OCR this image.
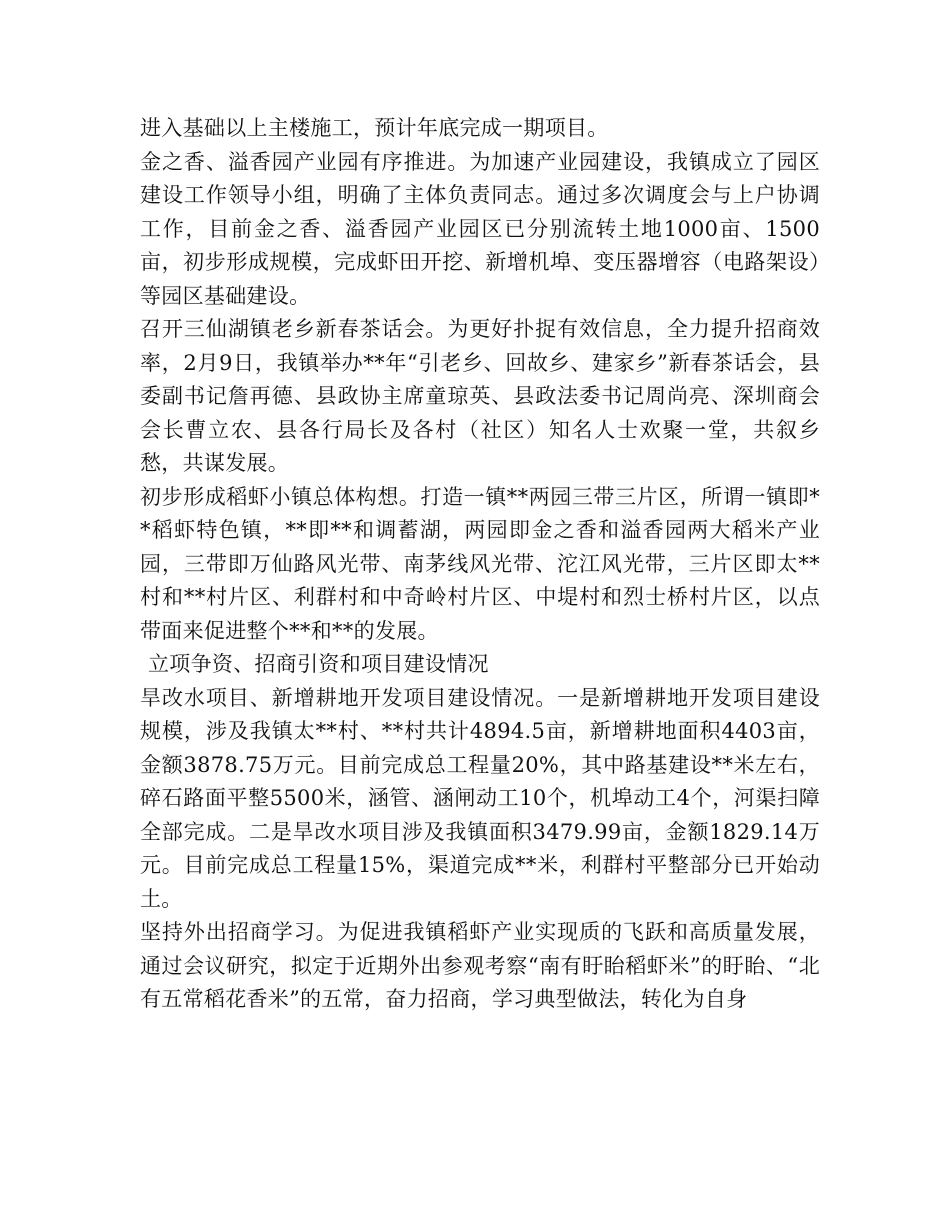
进入基础以上主楼施工，预计年底完成一期项目。

金之香、溢香园产业园有序推进。为加速产业园建设，我镇成立了园区建设工作领导小组，明确了主体负责同志。通过多次调度会与上户协调工作，目前金之香、溢香园产业园区已分别流转土地1000亩、1500亩，初步形成规模，完成虾田开挖、新增机埠、变压器增容（电路架设）等园区基础建设。

召开三仙湖镇老乡新春茶话会。为更好扑捉有效信息，全力提升招商效率，2月9日，我镇举办**年“引老乡、回故乡、建家乡”新春茶话会，县委副书记詹再德、县政协主席童琼英、县政法委书记周尚亮、深圳商会会长曹立农、县各行局长及各村（社区）知名人士欢聚一堂，共叙乡愁，共谋发展。

初步形成稻虾小镇总体构想。打造一镇**两园三带三片区，所谓一镇即**稻虾特色镇，**即**和调蓄湖，两园即金之香和溢香园两大稻米产业园，三带即万仙路风光带、南茅线风光带、沱江风光带，三片区即太**村和**村片区、利群村和中奇岭村片区、中堤村和烈士桥村片区，以点带面来促进整个**和**的发展。

立项争资、招商引资和项目建设情况

旱改水项目、新增耕地开发项目建设情况。一是新增耕地开发项目建设规模，涉及我镇太**村、**村共计4894.5亩，新增耕地面积4403亩，金额3878.75万元。目前完成总工程量20%，其中路基建设**米左右，碎石路面平整5500米，涵管、涵闸动工10个，机埠动工4个，河渠扫障全部完成。二是旱改水项目涉及我镇面积3479.99亩，金额1829.14万元。目前完成总工程量15%，渠道完成**米，利群村平整部分已开始动土。

坚持外出招商学习。为促进我镇稻虾产业实现质的飞跃和高质量发展，通过会议研究，拟定于近期外出参观考察“南有盱眙稻虾米”的盱眙、“北有五常稻花香米”的五常，奋力招商，学习典型做法，转化为自身
